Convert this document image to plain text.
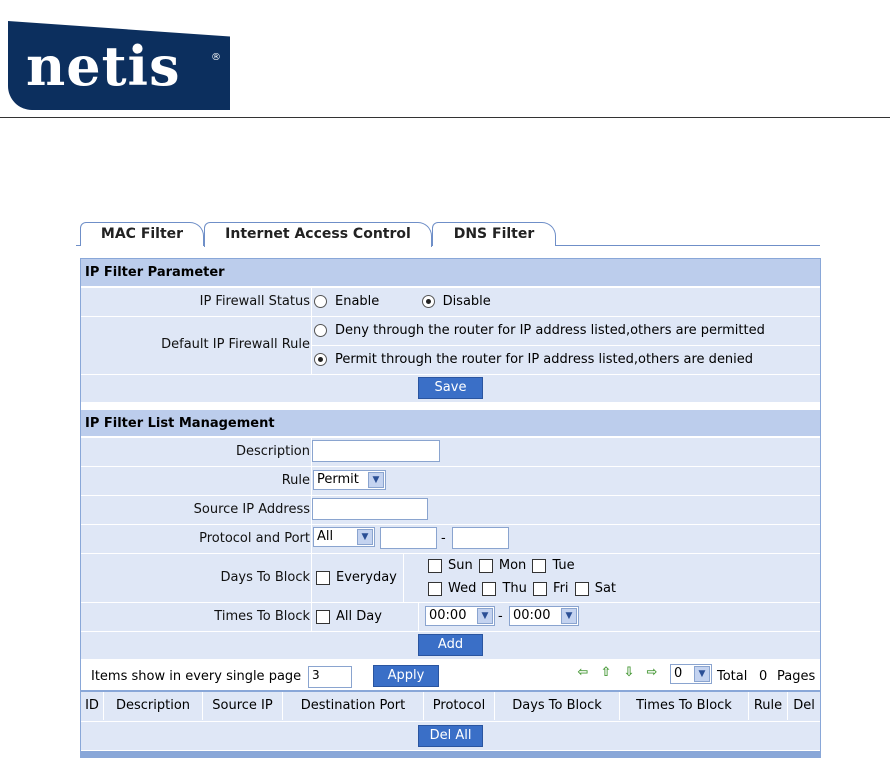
netis	®
MAC Filter	Internet Access Control	DNS Filter
IP Filter Parameter
IP Firewall Status	Enable	Disable
Default IP Firewall Rule
Deny through the router for IP address listed,others are permitted
Permit through the router for IP address listed,others are denied
Save
IP Filter List Management
Description
Rule Permit	▼
Source IP Address
Protocol and Port All	▼	-
Days To Block	Everyday
Sun Mon Tue
Wed Thu Fri Sat
Times To Block	All Day	00:00	▼ - 00:00	▼
Add
Items show in every single page 3	Apply	⇦ ⇧ ⇩ ⇨	0	▼ Total 0 Pages
ID	Description	Source IP	Destination Port	Protocol	Days To Block	Times To Block	Rule Del
Del All
